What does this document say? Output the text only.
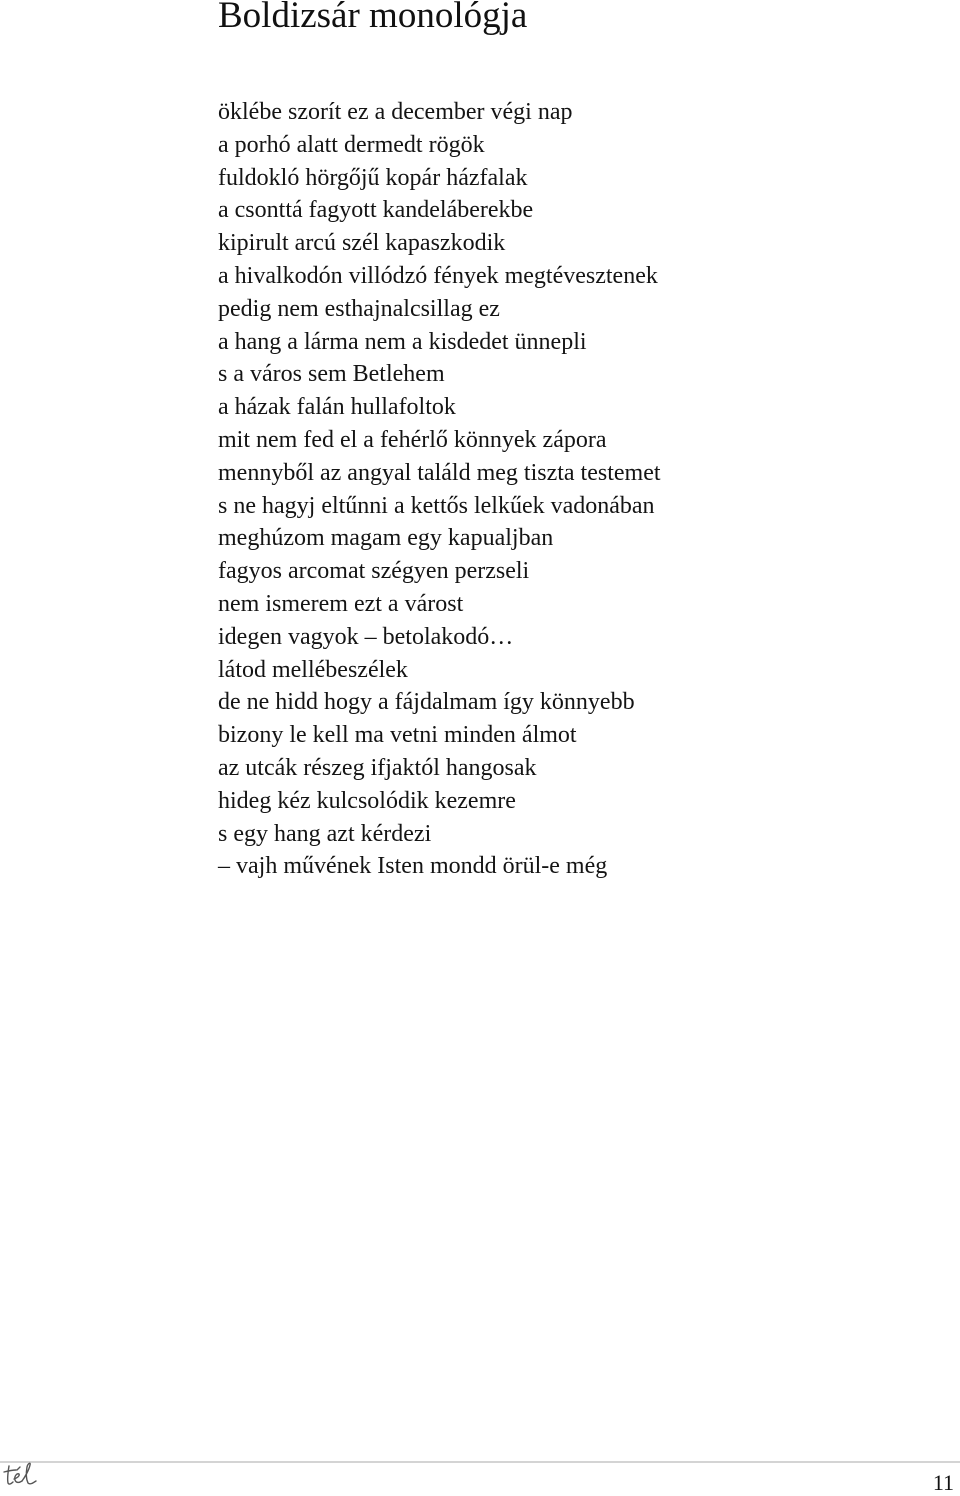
Boldizsár monológja
öklébe szorít ez a december végi nap
a porhó alatt dermedt rögök
fuldokló hörgőjű kopár házfalak
a csonttá fagyott kandeláberekbe
kipirult arcú szél kapaszkodik
a hivalkodón villódzó fények megtévesztenek
pedig nem esthajnalcsillag ez
a hang a lárma nem a kisdedet ünnepli
s a város sem Betlehem
a házak falán hullafoltok
mit nem fed el a fehérlő könnyek zápora
mennyből az angyal találd meg tiszta testemet
s ne hagyj eltűnni a kettős lelkűek vadonában
meghúzom magam egy kapualjban
fagyos arcomat szégyen perzseli
nem ismerem ezt a várost
idegen vagyok – betolakodó…
látod mellébeszélek
de ne hidd hogy a fájdalmam így könnyebb
bizony le kell ma vetni minden álmot
az utcák részeg ifjaktól hangosak
hideg kéz kulcsolódik kezemre
s egy hang azt kérdezi
– vajh művének Isten mondd örül-e még
11
